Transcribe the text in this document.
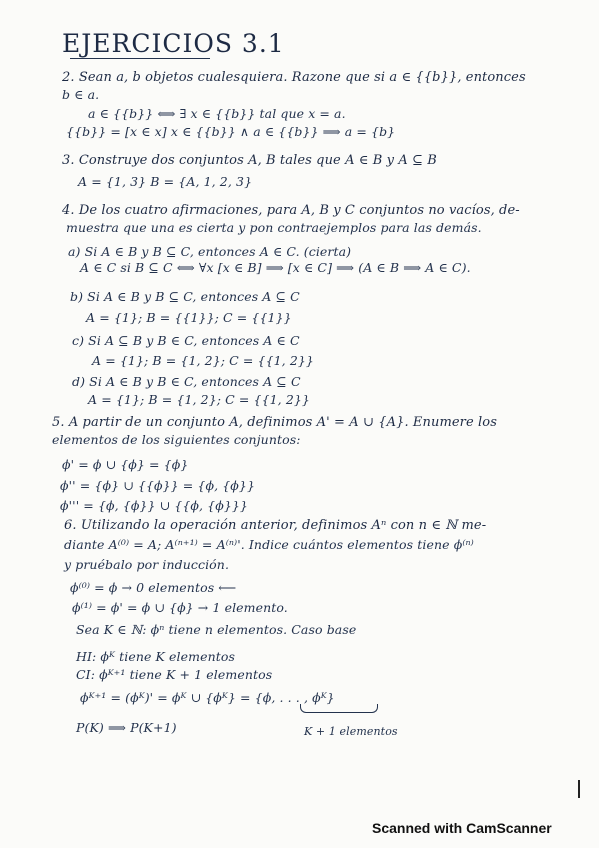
EJERCICIOS 3.1
2. Sean a, b objetos cualesquiera. Razone que si a ∈ {{b}}, entonces
b ∈ a.
a ∈ {{b}} ⟺ ∃ x ∈ {{b}} tal que x = a.
{{b}} = [x ∈ x] x ∈ {{b}} ∧ a ∈ {{b}} ⟹ a = {b}
3. Construye dos conjuntos A, B tales que A ∈ B y A ⊆ B
A = {1, 3} B = {A, 1, 2, 3}
4. De los cuatro afirmaciones, para A, B y C conjuntos no vacíos, de-
muestra que una es cierta y pon contraejemplos para las demás.
a) Si A ∈ B y B ⊆ C, entonces A ∈ C. (cierta)
A ∈ C si B ⊆ C ⟺ ∀x [x ∈ B] ⟹ [x ∈ C] ⟹ (A ∈ B ⟹ A ∈ C).
b) Si A ∈ B y B ⊆ C, entonces A ⊆ C
A = {1}; B = {{1}}; C = {{1}}
c) Si A ⊆ B y B ∈ C, entonces A ∈ C
A = {1}; B = {1, 2}; C = {{1, 2}}
d) Si A ∈ B y B ∈ C, entonces A ⊆ C
A = {1}; B = {1, 2}; C = {{1, 2}}
5. A partir de un conjunto A, definimos A' = A ∪ {A}. Enumere los
elementos de los siguientes conjuntos:
ϕ' = ϕ ∪ {ϕ} = {ϕ}
ϕ'' = {ϕ} ∪ {{ϕ}} = {ϕ, {ϕ}}
ϕ''' = {ϕ, {ϕ}} ∪ {{ϕ, {ϕ}}}
6. Utilizando la operación anterior, definimos Aⁿ con n ∈ ℕ me-
diante A⁽⁰⁾ = A; A⁽ⁿ⁺¹⁾ = A⁽ⁿ⁾'. Indice cuántos elementos tiene ϕ⁽ⁿ⁾
y pruébalo por inducción.
ϕ⁽⁰⁾ = ϕ → 0 elementos ⟵
ϕ⁽¹⁾ = ϕ' = ϕ ∪ {ϕ} → 1 elemento.
Sea K ∈ ℕ: ϕⁿ tiene n elementos. Caso base
HI: ϕᴷ tiene K elementos
CI: ϕᴷ⁺¹ tiene K + 1 elementos
ϕᴷ⁺¹ = (ϕᴷ)' = ϕᴷ ∪ {ϕᴷ} = {ϕ, . . . , ϕᴷ}
P(K) ⟹ P(K+1)	K + 1 elementos
Scanned with CamScanner
